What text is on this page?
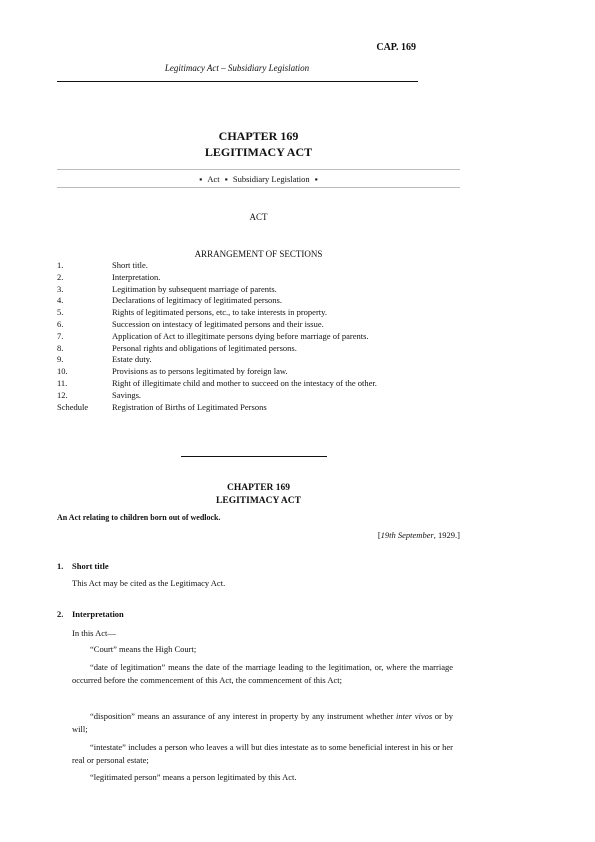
CAP. 169
Legitimacy Act – Subsidiary Legislation
CHAPTER 169
LEGITIMACY ACT
▪ Act ▪ Subsidiary Legislation ▪
ACT
ARRANGEMENT OF SECTIONS
1.	Short title.
2.	Interpretation.
3.	Legitimation by subsequent marriage of parents.
4.	Declarations of legitimacy of legitimated persons.
5.	Rights of legitimated persons, etc., to take interests in property.
6.	Succession on intestacy of legitimated persons and their issue.
7.	Application of Act to illegitimate persons dying before marriage of parents.
8.	Personal rights and obligations of legitimated persons.
9.	Estate duty.
10.	Provisions as to persons legitimated by foreign law.
11.	Right of illegitimate child and mother to succeed on the intestacy of the other.
12.	Savings.
Schedule	Registration of Births of Legitimated Persons
CHAPTER 169
LEGITIMACY ACT
An Act relating to children born out of wedlock.
[19th September, 1929.]
1. Short title
This Act may be cited as the Legitimacy Act.
2. Interpretation
In this Act—
“Court” means the High Court;
“date of legitimation” means the date of the marriage leading to the legitimation, or, where the marriage occurred before the commencement of this Act, the commencement of this Act;
“disposition” means an assurance of any interest in property by any instrument whether inter vivos or by will;
“intestate” includes a person who leaves a will but dies intestate as to some beneficial interest in his or her real or personal estate;
“legitimated person” means a person legitimated by this Act.
